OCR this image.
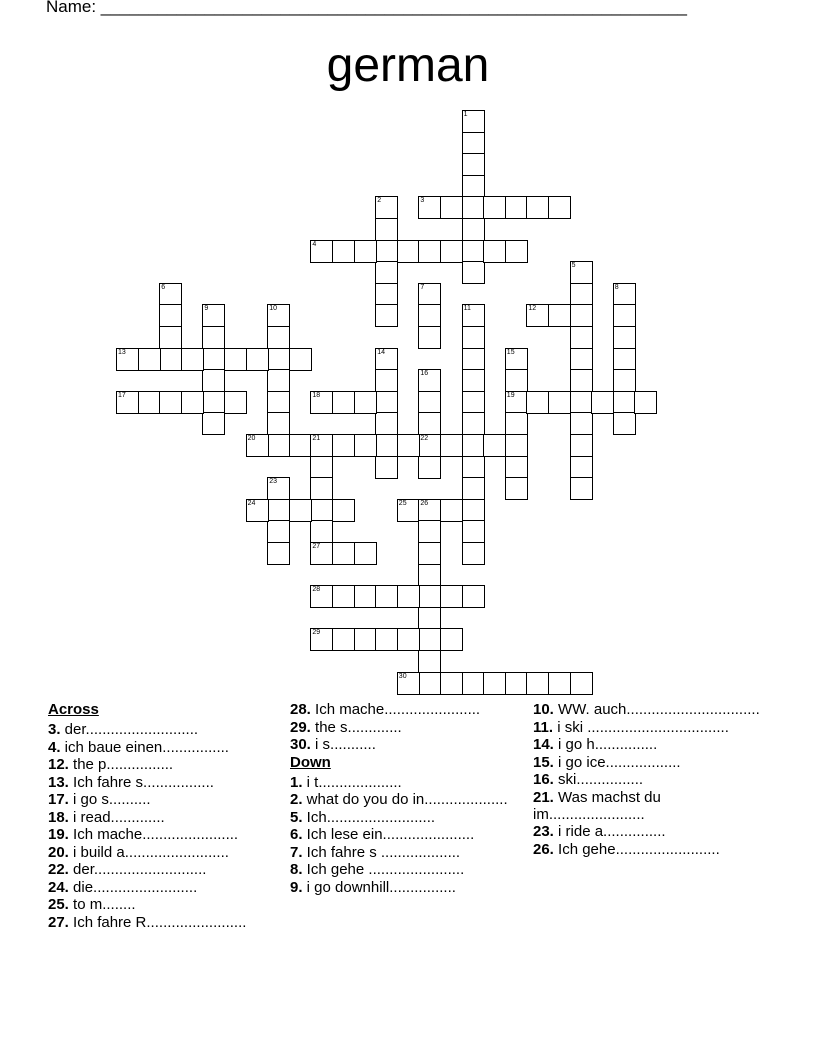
Name: ______________________________________________________________
german
1
2	3
4
5
6	7	8
9	10	11	12
13	14	15
19
16
22
17	18
20	21
27
23
24	25 26
28
29
30
Across
3. der...........................
4. ich baue einen................
12. the p................
13. Ich fahre s.................
17. i go s..........
18. i read.............
19. Ich mache.......................
20. i build a.........................
22. der...........................
24. die.........................
25. to m........
27. Ich fahre R........................
28. Ich mache.......................
29. the s.............
30. i s...........
Down
1. i t....................
2. what do you do in....................
5. Ich..........................
6. Ich lese ein......................
7. Ich fahre s ...................
8. Ich gehe .......................
9. i go downhill................
10. WW. auch................................
11. i ski ..................................
14. i go h...............
15. i go ice..................
16. ski................
21. Was machst du im.......................
23. i ride a...............
26. Ich gehe.........................
